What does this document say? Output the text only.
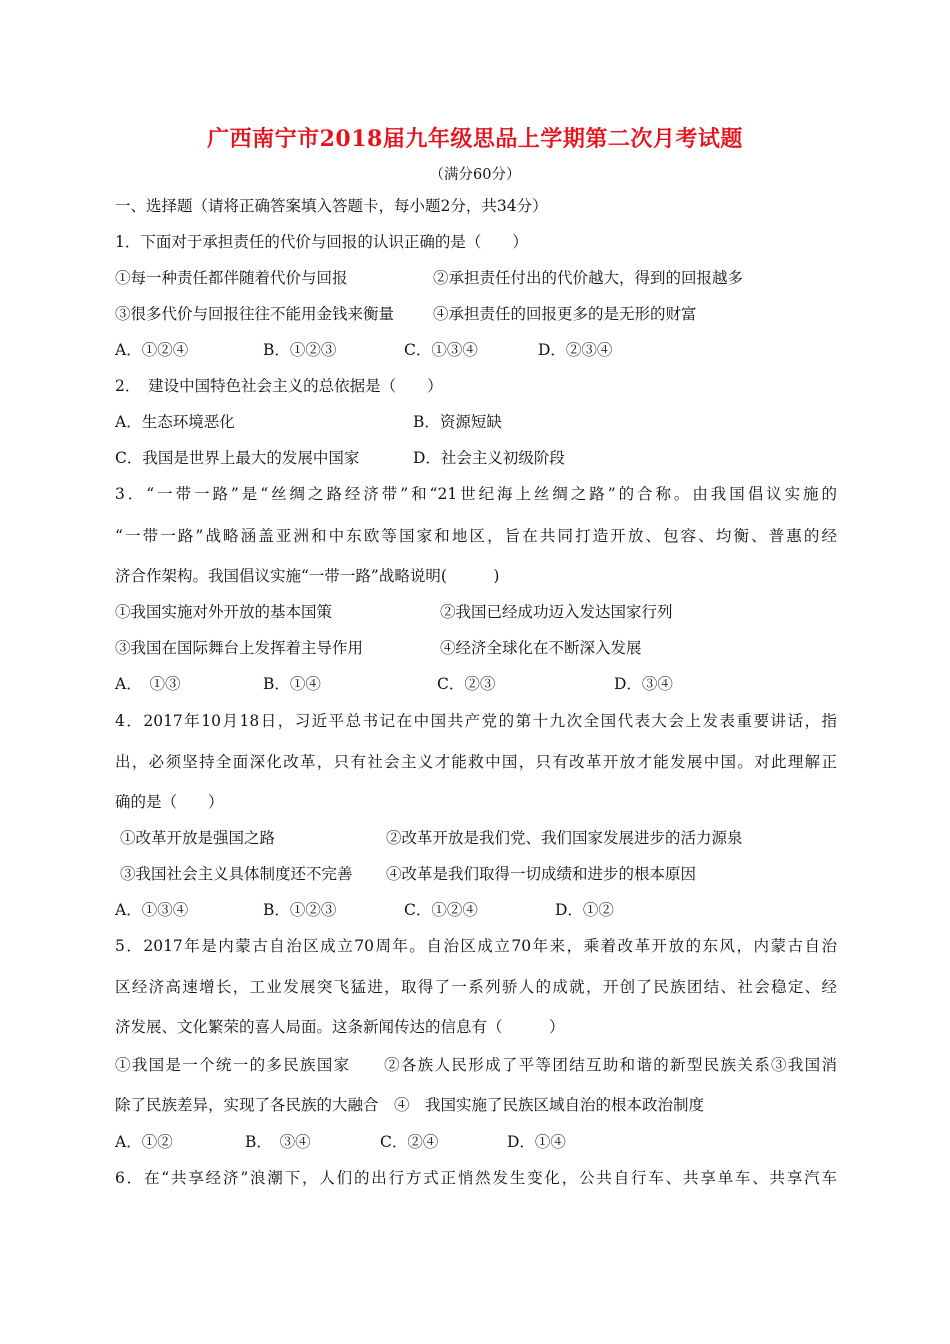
广西南宁市2018届九年级思品上学期第二次月考试题
（满分60分）
一、选择题（请将正确答案填入答题卡，每小题2分，共34分）
1．下面对于承担责任的代价与回报的认识正确的是（　　）
①每一种责任都伴随着代价与回报	②承担责任付出的代价越大，得到的回报越多
③很多代价与回报往往不能用金钱来衡量	④承担责任的回报更多的是无形的财富
A．①②④	B．①②③	C．①③④	D．②③④
2．　建设中国特色社会主义的总依据是（　　）
A．生态环境恶化	B．资源短缺
C．我国是世界上最大的发展中国家	D．社会主义初级阶段
3．“一带一路”是“丝绸之路经济带”和“21世纪海上丝绸之路”的合称。由我国倡议实施的
“一带一路”战略涵盖亚洲和中东欧等国家和地区，旨在共同打造开放、包容、均衡、普惠的经
济合作架构。我国倡议实施“一带一路”战略说明(　　　)
①我国实施对外开放的基本国策	②我国已经成功迈入发达国家行列
③我国在国际舞台上发挥着主导作用	④经济全球化在不断深入发展
A．　①③	B．①④	C．②③	D．③④
4．2017年10月18日，习近平总书记在中国共产党的第十九次全国代表大会上发表重要讲话，指
出，必须坚持全面深化改革，只有社会主义才能救中国，只有改革开放才能发展中国。对此理解正
确的是（　　）
①改革开放是强国之路	②改革开放是我们党、我们国家发展进步的活力源泉
③我国社会主义具体制度还不完善 ④改革是我们取得一切成绩和进步的根本原因
A．①③④	B．①②③	C．①②④	D．①②
5．2017年是内蒙古自治区成立70周年。自治区成立70年来，乘着改革开放的东风，内蒙古自治
区经济高速增长，工业发展突飞猛进，取得了一系列骄人的成就，开创了民族团结、社会稳定、经
济发展、文化繁荣的喜人局面。这条新闻传达的信息有（　　　）
①我国是一个统一的多民族国家　　②各族人民形成了平等团结互助和谐的新型民族关系③我国消
除了民族差异，实现了各民族的大融合　④　我国实施了民族区域自治的根本政治制度
A．①②	B．　③④	C．②④	D．①④
6．在“共享经济”浪潮下，人们的出行方式正悄然发生变化，公共自行车、共享单车、共享汽车
